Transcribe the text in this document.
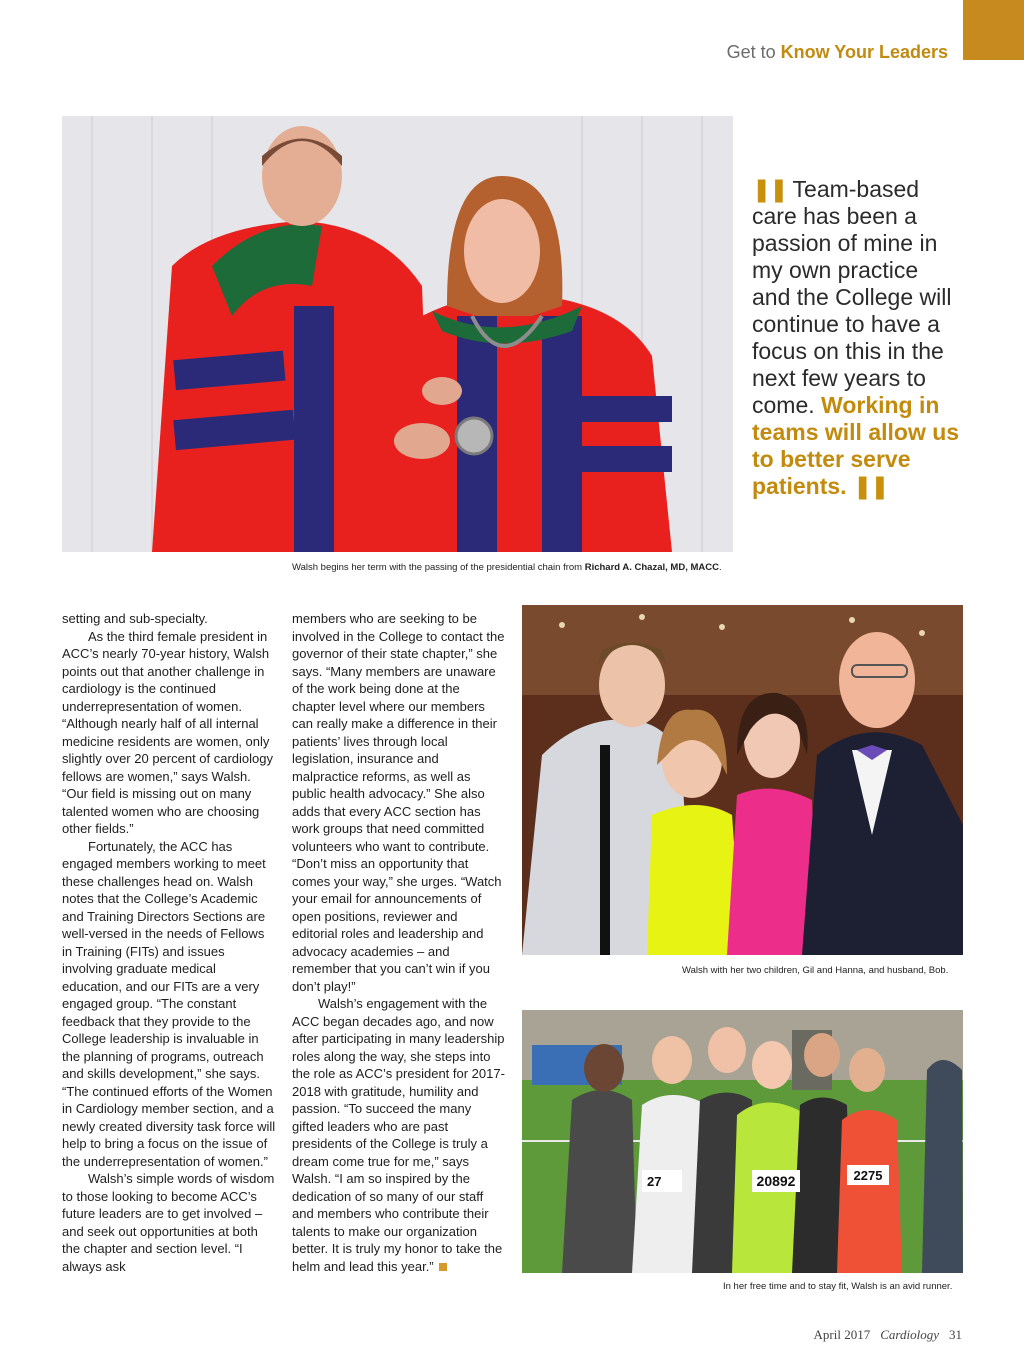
Get to Know Your Leaders
❚❚ Team-based care has been a passion of mine in my own practice and the College will continue to have a focus on this in the next few years to come. Working in teams will allow us to better serve patients. ❚❚
Walsh begins her term with the passing of the presidential chain from Richard A. Chazal, MD, MACC.

setting and sub-specialty.

As the third female president in ACC’s nearly 70-year history, Walsh points out that another challenge in cardiology is the continued underrepresentation of women. “Although nearly half of all internal medicine residents are women, only slightly over 20 percent of cardiology fellows are women,” says Walsh. “Our field is missing out on many talented women who are choosing other fields.”

Fortunately, the ACC has engaged members working to meet these challenges head on. Walsh notes that the College’s Academic and Training Directors Sections are well-versed in the needs of Fellows in Training (FITs) and issues involving graduate medical education, and our FITs are a very engaged group. “The constant feedback that they provide to the College leadership is invaluable in the planning of programs, outreach and skills development,” she says. “The continued efforts of the Women in Cardiology member section, and a newly created diversity task force will help to bring a focus on the issue of the underrepresentation of women.”

Walsh’s simple words of wisdom to those looking to become ACC’s future leaders are to get involved – and seek out opportunities at both the chapter and section level. “I always ask

members who are seeking to be involved in the College to contact the governor of their state chapter,” she says. “Many members are unaware of the work being done at the chapter level where our members can really make a difference in their patients’ lives through local legislation, insurance and malpractice reforms, as well as public health advocacy.” She also adds that every ACC section has work groups that need committed volunteers who want to contribute. “Don’t miss an opportunity that comes your way,” she urges. “Watch your email for announcements of open positions, reviewer and editorial roles and leadership and advocacy academies – and remember that you can’t win if you don’t play!”

Walsh’s engagement with the ACC began decades ago, and now after participating in many leadership roles along the way, she steps into the role as ACC’s president for 2017-2018 with gratitude, humility and passion. “To succeed the many gifted leaders who are past presidents of the College is truly a dream come true for me,” says Walsh. “I am so inspired by the dedication of so many of our staff and members who contribute their talents to make our organization better. It is truly my honor to take the helm and lead this year.”

Walsh with her two children, Gil and Hanna, and husband, Bob.
20892	2275
27
In her free time and to stay fit, Walsh is an avid runner.
April 2017 Cardiology 31
